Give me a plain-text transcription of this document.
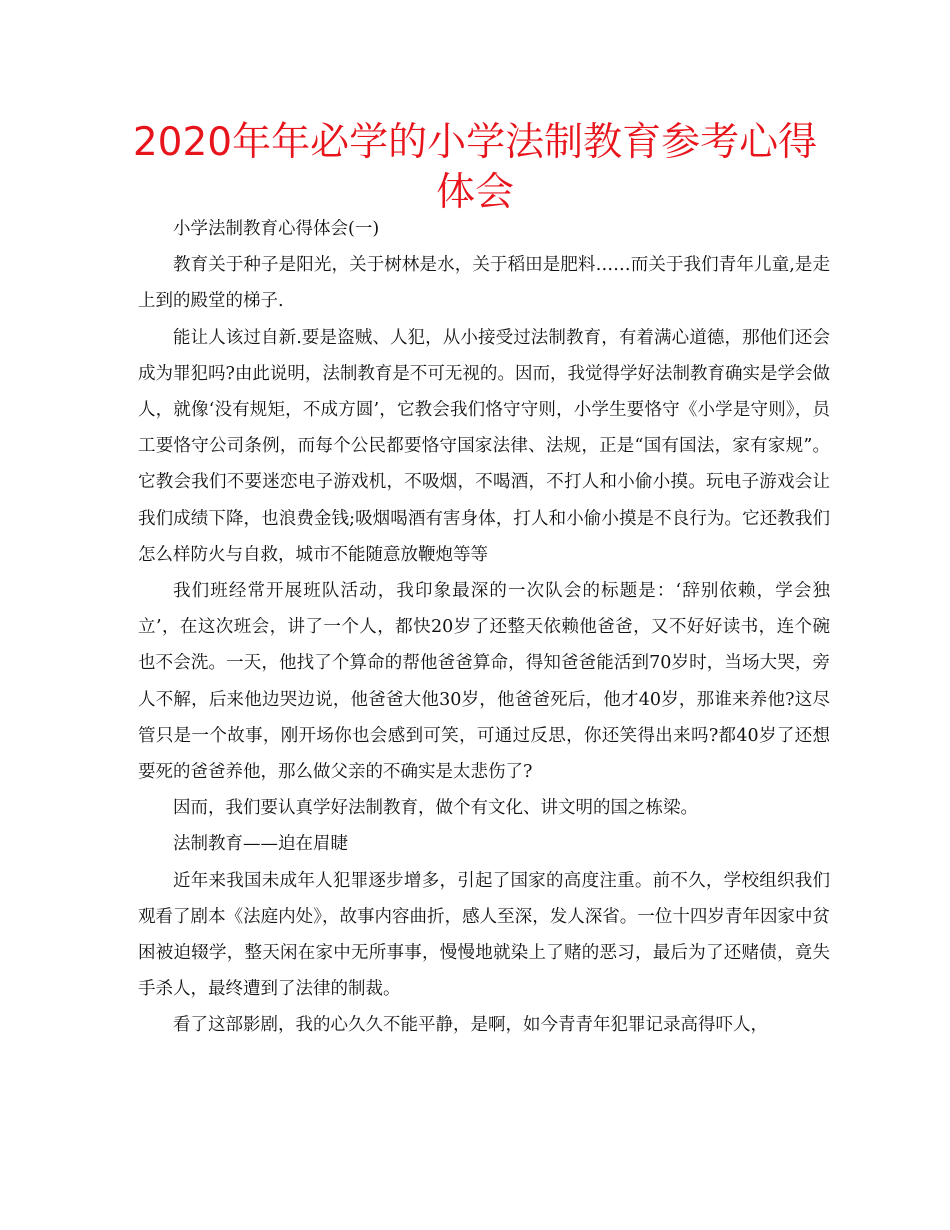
2020年年必学的小学法制教育参考心得体会

小学法制教育心得体会(一)

教育关于种子是阳光，关于树林是水，关于稻田是肥料……而关于我们青年儿童,是走上到的殿堂的梯子.

能让人该过自新.要是盗贼、人犯，从小接受过法制教育，有着满心道德，那他们还会成为罪犯吗?由此说明，法制教育是不可无视的。因而，我觉得学好法制教育确实是学会做人，就像‘没有规矩，不成方圆’，它教会我们恪守守则，小学生要恪守《小学是守则》，员工要恪守公司条例，而每个公民都要恪守国家法律、法规，正是“国有国法，家有家规”。它教会我们不要迷恋电子游戏机，不吸烟，不喝酒，不打人和小偷小摸。玩电子游戏会让我们成绩下降，也浪费金钱;吸烟喝酒有害身体，打人和小偷小摸是不良行为。它还教我们怎么样防火与自救，城市不能随意放鞭炮等等

我们班经常开展班队活动，我印象最深的一次队会的标题是：‘辞别依赖，学会独立’，在这次班会，讲了一个人，都快20岁了还整天依赖他爸爸，又不好好读书，连个碗也不会洗。一天，他找了个算命的帮他爸爸算命，得知爸爸能活到70岁时，当场大哭，旁人不解，后来他边哭边说，他爸爸大他30岁，他爸爸死后，他才40岁，那谁来养他?这尽管只是一个故事，刚开场你也会感到可笑，可通过反思，你还笑得出来吗?都40岁了还想要死的爸爸养他，那么做父亲的不确实是太悲伤了?

因而，我们要认真学好法制教育，做个有文化、讲文明的国之栋梁。

法制教育——迫在眉睫

近年来我国未成年人犯罪逐步增多，引起了国家的高度注重。前不久，学校组织我们观看了剧本《法庭内处》，故事内容曲折，感人至深，发人深省。一位十四岁青年因家中贫困被迫辍学，整天闲在家中无所事事，慢慢地就染上了赌的恶习，最后为了还赌债，竟失手杀人，最终遭到了法律的制裁。

看了这部影剧，我的心久久不能平静，是啊，如今青青年犯罪记录高得吓人，
